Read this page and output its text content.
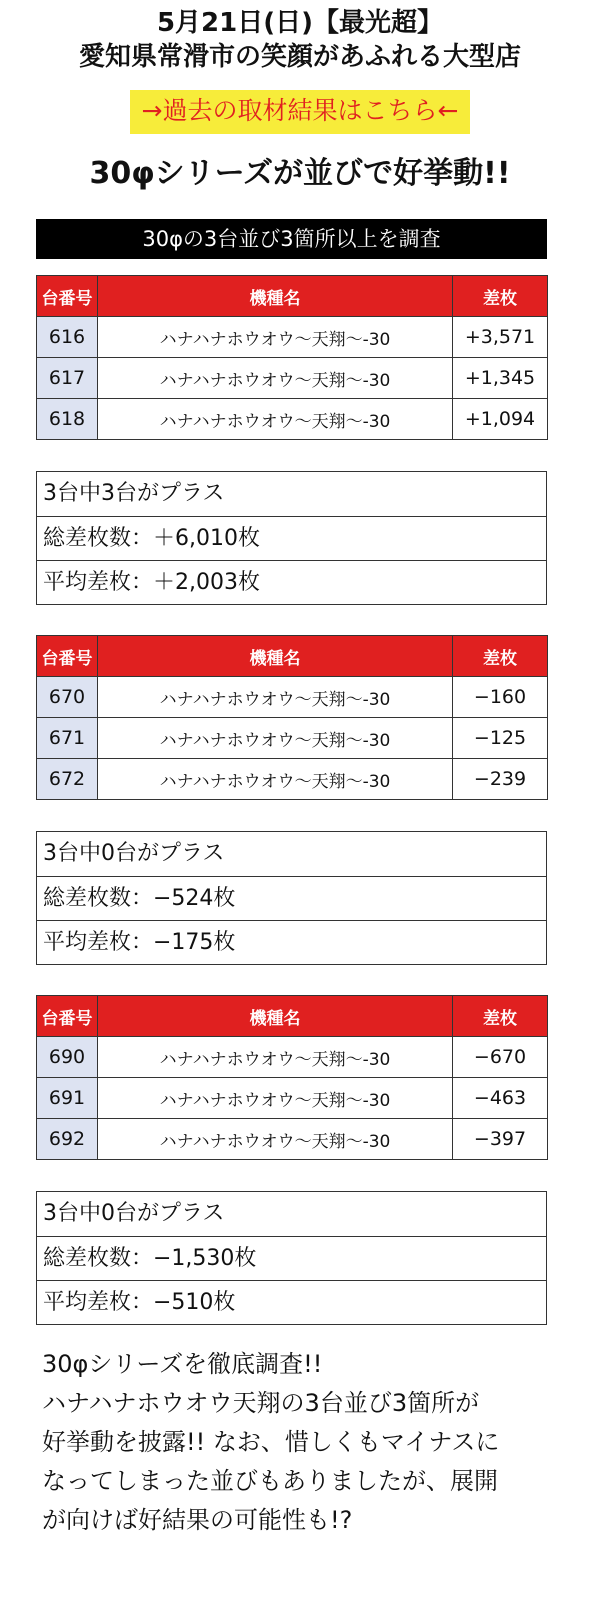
5月21日(日)【最光超】
愛知県常滑市の笑顔があふれる大型店
→過去の取材結果はこちら←
30φシリーズが並びで好挙動!!
30φの3台並び3箇所以上を調査
台番号	機種名	差枚
616	ハナハナホウオウ〜天翔〜-30	+3,571
617	ハナハナホウオウ〜天翔〜-30	+1,345
618	ハナハナホウオウ〜天翔〜-30	+1,094
3台中3台がプラス
総差枚数：＋6,010枚
平均差枚：＋2,003枚
台番号	機種名	差枚
670	ハナハナホウオウ〜天翔〜-30	−160
671	ハナハナホウオウ〜天翔〜-30	−125
672	ハナハナホウオウ〜天翔〜-30	−239
3台中0台がプラス
総差枚数：−524枚
平均差枚：−175枚
台番号	機種名	差枚
690	ハナハナホウオウ〜天翔〜-30	−670
691	ハナハナホウオウ〜天翔〜-30	−463
692	ハナハナホウオウ〜天翔〜-30	−397
3台中0台がプラス
総差枚数：−1,530枚
平均差枚：−510枚
30φシリーズを徹底調査!!
ハナハナホウオウ天翔の3台並び3箇所が
好挙動を披露!! なお、惜しくもマイナスに
なってしまった並びもありましたが、展開
が向けば好結果の可能性も!?
